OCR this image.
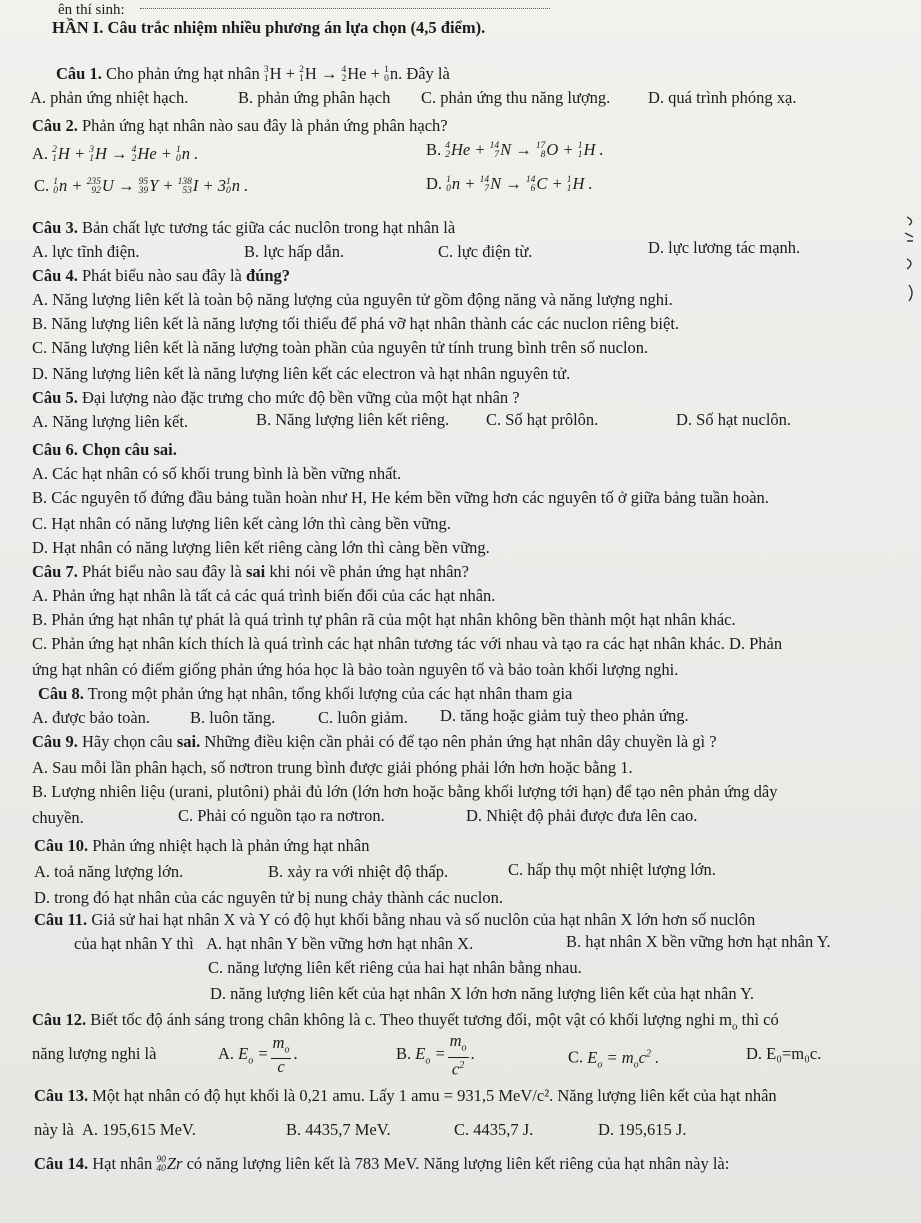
ên thí sinh:
HẦN I. Câu trắc nhiệm nhiều phương án lựa chọn (4,5 điểm).
Câu 1. Cho phản ứng hạt nhân 3
1 H + 2
1 H → 4
2 He + 1
0 n. Đây là
A. phản ứng nhiệt hạch.	B. phản ứng phân hạch C. phản ứng thu năng lượng. D. quá trình phóng xạ.
Câu 2. Phản ứng hạt nhân nào sau đây là phản ứng phân hạch?
A. 2
1 H + 3
1 H → 4
2 He + 1
0 n .	B. 4
2 He + 14
7 N → 17
8 O + 1
1 H .
C. 1
0 n + 235
92 U → 95
39 Y + 138
53 I + 3 1
0 n .	D. 1
0 n + 14
7 N → 14
6 C + 1
1 H .
Câu 3. Bản chất lực tương tác giữa các nuclôn trong hạt nhân là
A. lực tĩnh điện.	B. lực hấp dẫn.	C. lực điện từ.	D. lực lương tác mạnh.
Câu 4. Phát biểu nào sau đây là đúng?
A. Năng lượng liên kết là toàn bộ năng lượng của nguyên tử gồm động năng và năng lượng nghi.
B. Năng lượng liên kết là năng lượng tối thiểu để phá vỡ hạt nhân thành các các nuclon riêng biệt.
C. Năng lượng liên kết là năng lượng toàn phần của nguyên tử tính trung bình trên số nuclon.
D. Năng lượng liên kết là năng lượng liên kết các electron và hạt nhân nguyên tử.
Câu 5. Đại lượng nào đặc trưng cho mức độ bền vững của một hạt nhân ?
A. Năng lượng liên kết.	B. Năng lượng liên kết riêng. C. Số hạt prôlôn.	D. Số hạt nuclôn.
Câu 6. Chọn câu sai.
A. Các hạt nhân có số khối trung bình là bền vững nhất.
B. Các nguyên tố đứng đầu bảng tuần hoàn như H, He kém bền vững hơn các nguyên tố ở giữa bảng tuần hoàn.
C. Hạt nhân có năng lượng liên kết càng lớn thì càng bền vững.
D. Hạt nhân có năng lượng liên kết riêng càng lớn thì càng bền vững.
Câu 7. Phát biểu nào sau đây là sai khi nói về phản ứng hạt nhân?
A. Phản ứng hạt nhân là tất cả các quá trình biến đổi của các hạt nhân.
B. Phản ứng hạt nhân tự phát là quá trình tự phân rã của một hạt nhân không bền thành một hạt nhân khác.
C. Phản ứng hạt nhân kích thích là quá trình các hạt nhân tương tác với nhau và tạo ra các hạt nhân khác. D. Phản
ứng hạt nhân có điểm giống phản ứng hóa học là bảo toàn nguyên tố và bảo toàn khối lượng nghi.
Câu 8. Trong một phản ứng hạt nhân, tổng khối lượng của các hạt nhân tham gia
A. được bảo toàn. B. luôn tăng.	C. luôn giảm. D. tăng hoặc giảm tuỳ theo phản ứng.
Câu 9. Hãy chọn câu sai. Những điều kiện cần phải có để tạo nên phản ứng hạt nhân dây chuyền là gì ?
A. Sau mỗi lần phân hạch, số nơtron trung bình được giải phóng phải lớn hơn hoặc bằng 1.
B. Lượng nhiên liệu (urani, plutôni) phải đủ lớn (lớn hơn hoặc bằng khối lượng tới hạn) để tạo nên phản ứng dây
chuyền.	C. Phải có nguồn tạo ra nơtron.	D. Nhiệt độ phải được đưa lên cao.
Câu 10. Phản ứng nhiệt hạch là phản ứng hạt nhân
A. toả năng lượng lớn.	B. xảy ra với nhiệt độ thấp.	C. hấp thụ một nhiệt lượng lớn.
D. trong đó hạt nhân của các nguyên tử bị nung chảy thành các nuclon.
Câu 11. Giả sử hai hạt nhân X và Y có độ hụt khối bằng nhau và số nuclôn của hạt nhân X lớn hơn số nuclôn
của hạt nhân Y thì A. hạt nhân Y bền vững hơn hạt nhân X.	B. hạt nhân X bền vững hơn hạt nhân Y.
C. năng lượng liên kết riêng của hai hạt nhân bằng nhau.
D. năng lượng liên kết của hạt nhân X lớn hơn năng lượng liên kết của hạt nhân Y.
Câu 12. Biết tốc độ ánh sáng trong chân không là c. Theo thuyết tương đối, một vật có khối lượng nghi $m_o$ thì có
năng lượng nghi là	A. $E_o = \frac{m_o}{c}$ .	B. $E_o = \frac{m_o}{c^2}$ .	C. $E_o = m_oc^2$ .	D. E₀=m₀c.
Câu 13. Một hạt nhân có độ hụt khối là 0,21 amu. Lấy 1 amu = 931,5 MeV/c². Năng lượng liên kết của hạt nhân
này là A. 195,615 MeV.	B. 4435,7 MeV.	C. 4435,7 J.	D. 195,615 J.
Câu 14. Hạt nhân 90
40 Zr có năng lượng liên kết là 783 MeV. Năng lượng liên kết riêng của hạt nhân này là:
